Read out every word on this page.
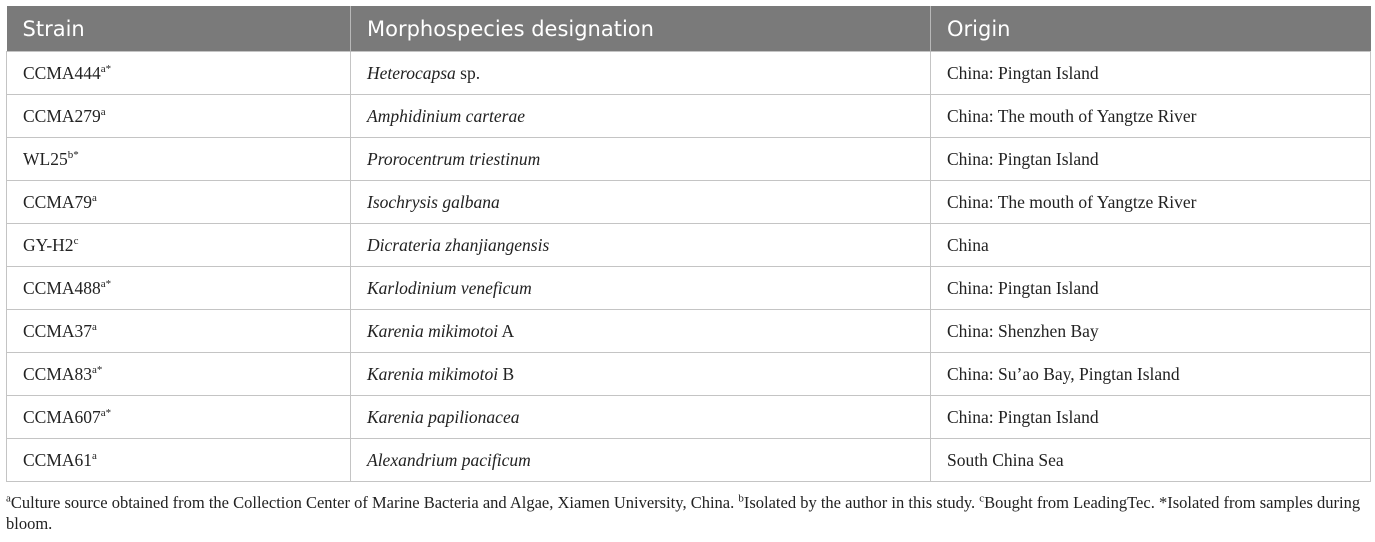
Strain	Morphospecies designation	Origin
$CCMA444^{a*}$	Heterocapsa sp.	China: Pingtan Island
CCMA279$^a$	Amphidinium carterae	China: The mouth of Yangtze River
$WL25^{b*}$	Prorocentrum triestinum	China: Pingtan Island
CCMA79$^a$	Isochrysis galbana	China: The mouth of Yangtze River
GY-H2$^c$	Dicrateria zhanjiangensis	China
$CCMA488^{a*}$	Karlodinium veneficum	China: Pingtan Island
CCMA37$^a$	Karenia mikimotoi A	China: Shenzhen Bay
$CCMA83^{a*}$	Karenia mikimotoi B	China: Su’ao Bay, Pingtan Island
$CCMA607^{a*}$	Karenia papilionacea	China: Pingtan Island
CCMA61$^a$	Alexandrium pacificum	South China Sea
$^a$Culture source obtained from the Collection Center of Marine Bacteria and Algae, Xiamen University, China. $^b$Isolated by the author in this study. $^c$Bought from LeadingTec. *Isolated from samples during bloom.
